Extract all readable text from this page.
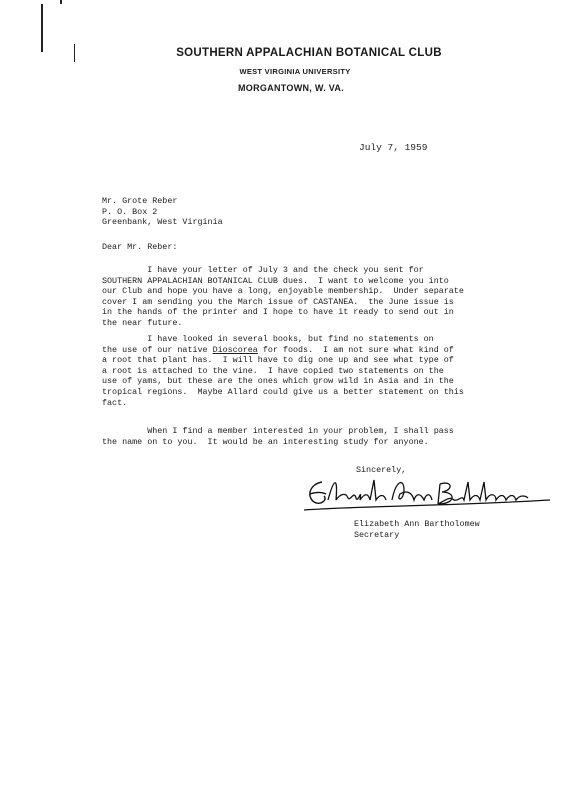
SOUTHERN APPALACHIAN BOTANICAL CLUB
WEST VIRGINIA UNIVERSITY
MORGANTOWN, W. VA.
July 7, 1959
Mr. Grote Reber
P. O. Box 2
Greenbank, West Virginia
Dear Mr. Reber:
I have your letter of July 3 and the check you sent for
SOUTHERN APPALACHIAN BOTANICAL CLUB dues.  I want to welcome you into
our Club and hope you have a long, enjoyable membership.  Under separate
cover I am sending you the March issue of CASTANEA.  the June issue is
in the hands of the printer and I hope to have it ready to send out in
the near future.
I have looked in several books, but find no statements on
the use of our native Dioscorea for foods.  I am not sure what kind of
a root that plant has.  I will have to dig one up and see what type of
a root is attached to the vine.  I have copied two statements on the
use of yams, but these are the ones which grow wild in Asia and in the
tropical regions.  Maybe Allard could give us a better statement on this
fact.
When I find a member interested in your problem, I shall pass
the name on to you.  It would be an interesting study for anyone.
Sincerely,
Elizabeth Ann Bartholomew
Secretary
